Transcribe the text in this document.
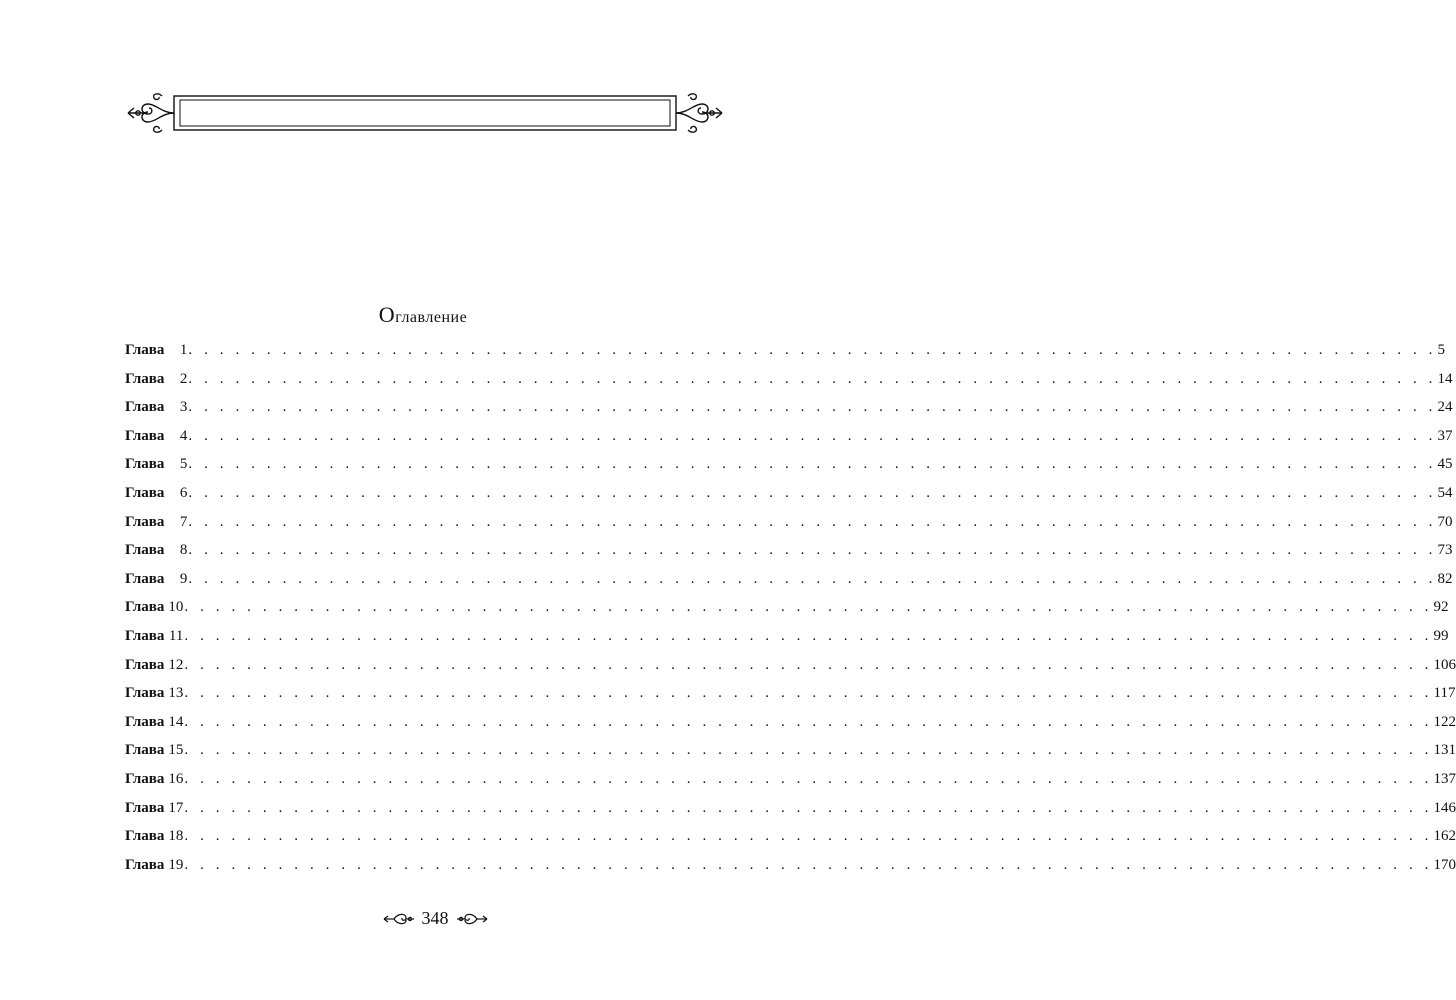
Оглавление
Глава 1 . . . . . . . . . . . . . . . . . . . . . . . . . . . . . . . . . . . . . . . . . . . . . . . . . . . . . . . . . . . . . . . . . . . . . . . . . . . . . . . . 5
Глава 2 . . . . . . . . . . . . . . . . . . . . . . . . . . . . . . . . . . . . . . . . . . . . . . . . . . . . . . . . . . . . . . . . . . . . . . . . . . . . . . . . 14
Глава 3 . . . . . . . . . . . . . . . . . . . . . . . . . . . . . . . . . . . . . . . . . . . . . . . . . . . . . . . . . . . . . . . . . . . . . . . . . . . . . . . . 24
Глава 4 . . . . . . . . . . . . . . . . . . . . . . . . . . . . . . . . . . . . . . . . . . . . . . . . . . . . . . . . . . . . . . . . . . . . . . . . . . . . . . . . 37
Глава 5 . . . . . . . . . . . . . . . . . . . . . . . . . . . . . . . . . . . . . . . . . . . . . . . . . . . . . . . . . . . . . . . . . . . . . . . . . . . . . . . . 45
Глава 6 . . . . . . . . . . . . . . . . . . . . . . . . . . . . . . . . . . . . . . . . . . . . . . . . . . . . . . . . . . . . . . . . . . . . . . . . . . . . . . . . 54
Глава 7 . . . . . . . . . . . . . . . . . . . . . . . . . . . . . . . . . . . . . . . . . . . . . . . . . . . . . . . . . . . . . . . . . . . . . . . . . . . . . . . . 70
Глава 8 . . . . . . . . . . . . . . . . . . . . . . . . . . . . . . . . . . . . . . . . . . . . . . . . . . . . . . . . . . . . . . . . . . . . . . . . . . . . . . . . 73
Глава 9 . . . . . . . . . . . . . . . . . . . . . . . . . . . . . . . . . . . . . . . . . . . . . . . . . . . . . . . . . . . . . . . . . . . . . . . . . . . . . . . . 82
Глава 10 . . . . . . . . . . . . . . . . . . . . . . . . . . . . . . . . . . . . . . . . . . . . . . . . . . . . . . . . . . . . . . . . . . . . . . . . . . . . . . . . 92
Глава 11 . . . . . . . . . . . . . . . . . . . . . . . . . . . . . . . . . . . . . . . . . . . . . . . . . . . . . . . . . . . . . . . . . . . . . . . . . . . . . . . . 99
Глава 12 . . . . . . . . . . . . . . . . . . . . . . . . . . . . . . . . . . . . . . . . . . . . . . . . . . . . . . . . . . . . . . . . . . . . . . . . . . . . . . . . 106
Глава 13 . . . . . . . . . . . . . . . . . . . . . . . . . . . . . . . . . . . . . . . . . . . . . . . . . . . . . . . . . . . . . . . . . . . . . . . . . . . . . . . . 117
Глава 14 . . . . . . . . . . . . . . . . . . . . . . . . . . . . . . . . . . . . . . . . . . . . . . . . . . . . . . . . . . . . . . . . . . . . . . . . . . . . . . . . 122
Глава 15 . . . . . . . . . . . . . . . . . . . . . . . . . . . . . . . . . . . . . . . . . . . . . . . . . . . . . . . . . . . . . . . . . . . . . . . . . . . . . . . . 131
Глава 16 . . . . . . . . . . . . . . . . . . . . . . . . . . . . . . . . . . . . . . . . . . . . . . . . . . . . . . . . . . . . . . . . . . . . . . . . . . . . . . . . 137
Глава 17 . . . . . . . . . . . . . . . . . . . . . . . . . . . . . . . . . . . . . . . . . . . . . . . . . . . . . . . . . . . . . . . . . . . . . . . . . . . . . . . . 146
Глава 18 . . . . . . . . . . . . . . . . . . . . . . . . . . . . . . . . . . . . . . . . . . . . . . . . . . . . . . . . . . . . . . . . . . . . . . . . . . . . . . . . 162
Глава 19 . . . . . . . . . . . . . . . . . . . . . . . . . . . . . . . . . . . . . . . . . . . . . . . . . . . . . . . . . . . . . . . . . . . . . . . . . . . . . . . . 170
348
